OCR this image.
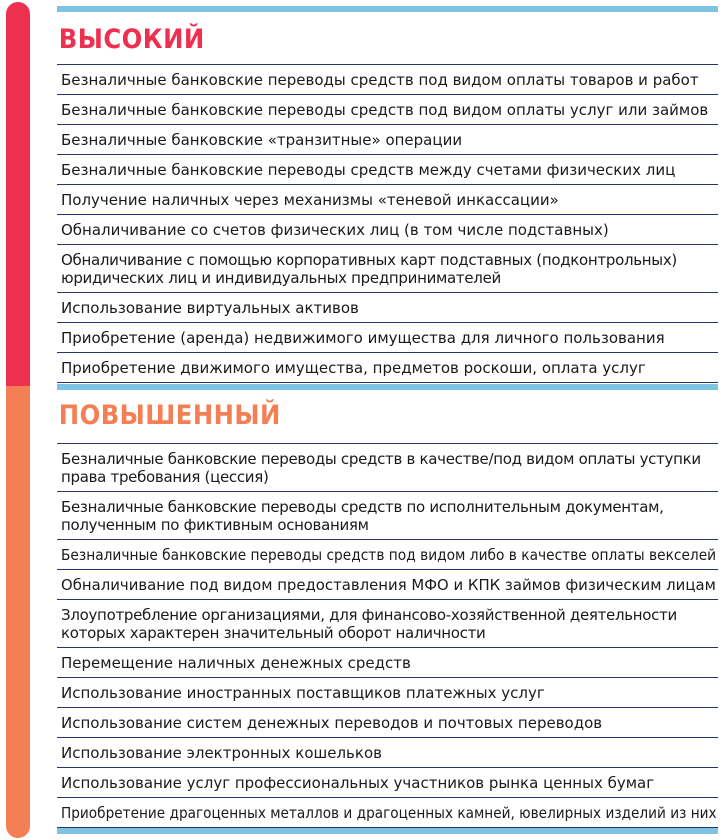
ВЫСОКИЙ
Безналичные банковские переводы средств под видом оплаты товаров и работ
Безналичные банковские переводы средств под видом оплаты услуг или займов
Безналичные банковские «транзитные» операции
Безналичные банковские переводы средств между счетами физических лиц
Получение наличных через механизмы «теневой инкассации»
Обналичивание со счетов физических лиц (в том числе подставных)
Обналичивание с помощью корпоративных карт подставных (подконтрольных) юридических лиц и индивидуальных предпринимателей
Использование виртуальных активов
Приобретение (аренда) недвижимого имущества для личного пользования
Приобретение движимого имущества, предметов роскоши, оплата услуг
ПОВЫШЕННЫЙ
Безналичные банковские переводы средств в качестве/под видом оплаты уступки права требования (цессия)
Безналичные банковские переводы средств по исполнительным документам, полученным по фиктивным основаниям
Безналичные банковские переводы средств под видом либо в качестве оплаты векселей
Обналичивание под видом предоставления МФО и КПК займов физическим лицам
Злоупотребление организациями, для финансово-хозяйственной деятельности которых характерен значительный оборот наличности
Перемещение наличных денежных средств
Использование иностранных поставщиков платежных услуг
Использование систем денежных переводов и почтовых переводов
Использование электронных кошельков
Использование услуг профессиональных участников рынка ценных бумаг
Приобретение драгоценных металлов и драгоценных камней, ювелирных изделий из них
